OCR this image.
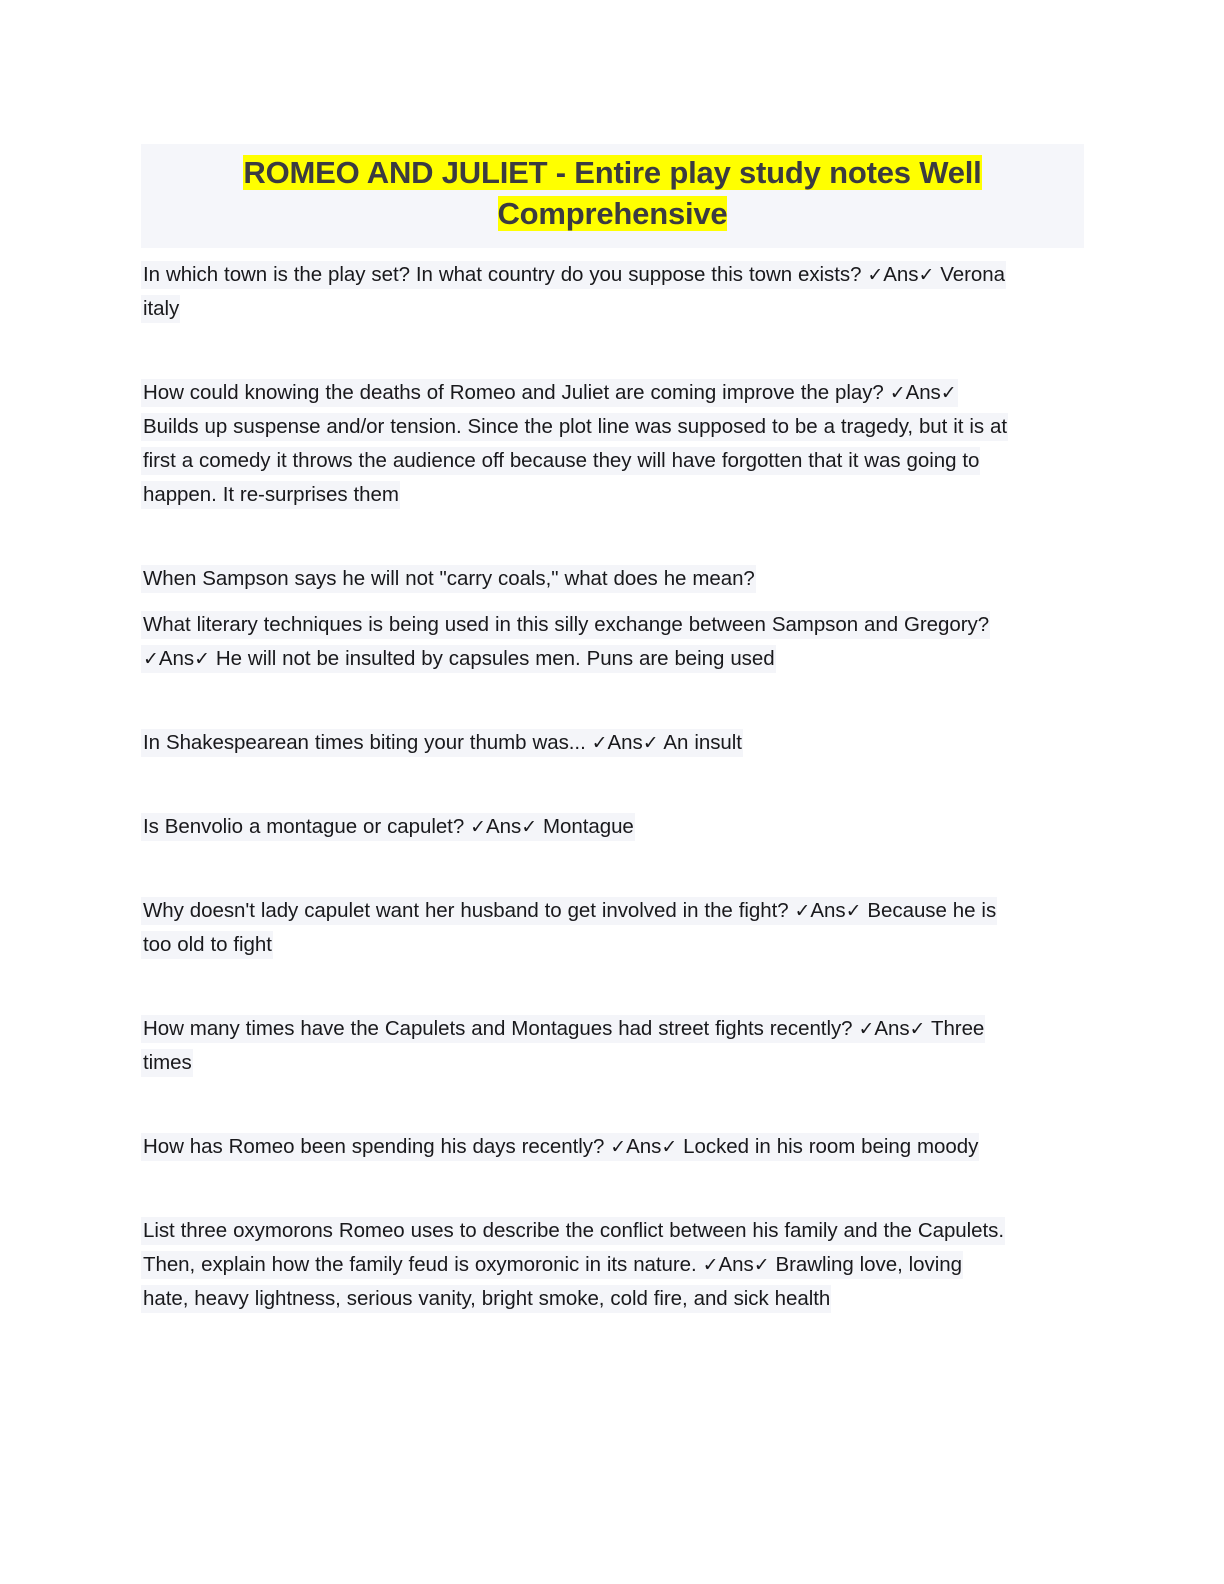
ROMEO AND JULIET - Entire play study notes Well
Comprehensive

In which town is the play set? In what country do you suppose this town exists? ✓Ans✓ Verona

italy

How could knowing the deaths of Romeo and Juliet are coming improve the play? ✓Ans✓

Builds up suspense and/or tension. Since the plot line was supposed to be a tragedy, but it is at

first a comedy it throws the audience off because they will have forgotten that it was going to

happen. It re-surprises them

When Sampson says he will not "carry coals," what does he mean?

What literary techniques is being used in this silly exchange between Sampson and Gregory?

✓Ans✓ He will not be insulted by capsules men. Puns are being used

In Shakespearean times biting your thumb was... ✓Ans✓ An insult

Is Benvolio a montague or capulet? ✓Ans✓ Montague

Why doesn't lady capulet want her husband to get involved in the fight? ✓Ans✓ Because he is

too old to fight

How many times have the Capulets and Montagues had street fights recently? ✓Ans✓ Three

times

How has Romeo been spending his days recently? ✓Ans✓ Locked in his room being moody

List three oxymorons Romeo uses to describe the conflict between his family and the Capulets.

Then, explain how the family feud is oxymoronic in its nature. ✓Ans✓ Brawling love, loving

hate, heavy lightness, serious vanity, bright smoke, cold fire, and sick health
